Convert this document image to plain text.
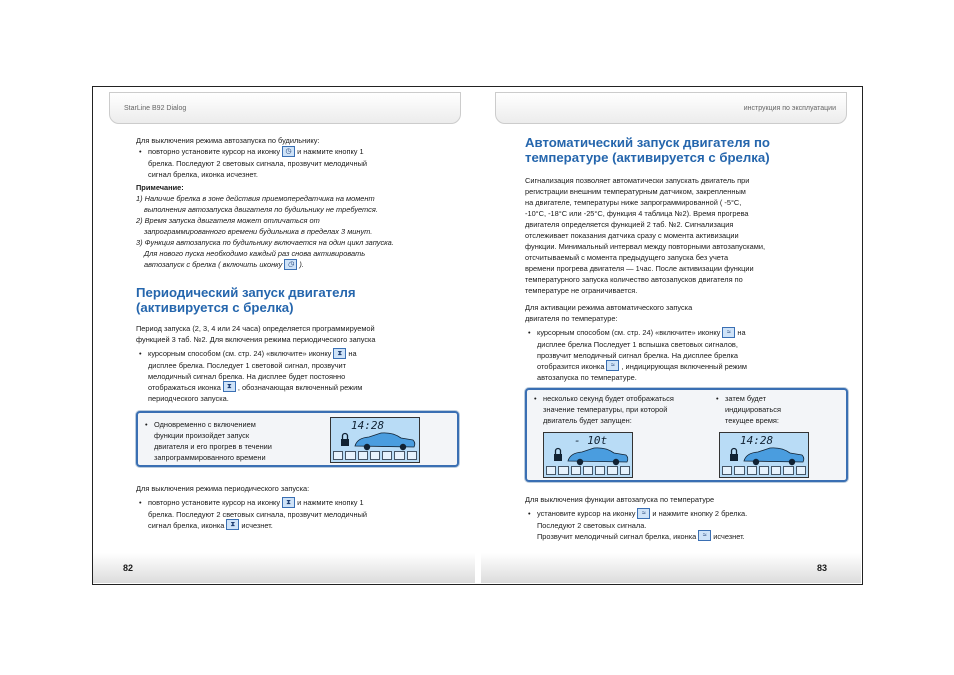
StarLine B92 Dialog

Для выключения режима автозапуска по будильнику:

• повторно установите курсор на иконку ◷ и нажмите кнопку 1
брелка. Последуют 2 световых сигнала, прозвучит мелодичный
сигнал брелка, иконка исчезнет.

Примечание:

1) Наличие брелка в зоне действия приемопередатчика на момент

выполнения автозапуска двигателя по будильнику не требуется.

2) Время запуска двигателя может отличаться от

запрограммированного времени будильника в пределах 3 минут.

3) Функция автозапуска по будильнику включается на один цикл запуска.

Для нового пуска необходимо каждый раз снова активировать

автозапуск с брелка ( включить иконку ◷ ).

Периодический запуск двигателя
(активируется с брелка)

Период запуска (2, 3, 4 или 24 часа) определяется программируемой

функцией 3 таб. №2. Для включения режима периодического запуска

• курсорным способом (см. стр. 24) «включите» иконку ⧗ на
дисплее брелка. Последует 1 световой сигнал, прозвучит
мелодичный сигнал брелка. На дисплее будет постоянно
отображаться иконка ⧗ , обозначающая включенный режим
периодческого запуска.
• Одновременно с включением
функции произойдет запуск
двигателя и его прогрев в течении
запрограммированного времени
14:28

Для выключения режима периодического запуска:

• повторно установите курсор на иконку ⧗ и нажмите кнопку 1
брелка. Последуют 2 световых сигнала, прозвучит мелодичный
сигнал брелка, иконка ⧗ исчезнет.
82
инструкция по эксплуатации
Автоматический запуск двигателя по
температуре (активируется с брелка)

Сигнализация позволяет автоматически запускать двигатель при

регистрации внешним температурным датчиком, закрепленным

на двигателе, температуры ниже запрограммированной ( -5°С,

-10°С, -18°С или -25°С, функция 4 таблица №2). Время прогрева

двигателя определяется функцией 2 таб. №2. Сигнализация

отслеживает показания датчика сразу с момента активизации

функции. Минимальный интервал между повторными автозапусками,

отсчитываемый с момента предыдущего запуска без учета

времени прогрева двигателя — 1час. После активизации функции

температурного запуска количество автозапусков двигателя по

температуре не ограничивается.

Для активации режима автоматического запуска

двигателя по температуре:

• курсорным способом (см. стр. 24) «включите» иконку ≈ на
дисплее брелка Последует 1 вспышка световых сигналов,
прозвучит мелодичный сигнал брелка. На дисплее брелка
отобразится иконка ≈ , индицирующая включенный режим
автозапуска по температуре.
• несколько секунд будет отображаться
значение температуры, при которой
двигатель будет запущен:
• затем будет
индицироваться
текущее время:
- 10t	14:28

Для выключения функции автозапуска по температуре

• установите курсор на иконку ≈ и нажмите кнопку 2 брелка.
Последуют 2 световых сигнала.
Прозвучит мелодичный сигнал брелка, иконка ≈ исчезнет.
83
